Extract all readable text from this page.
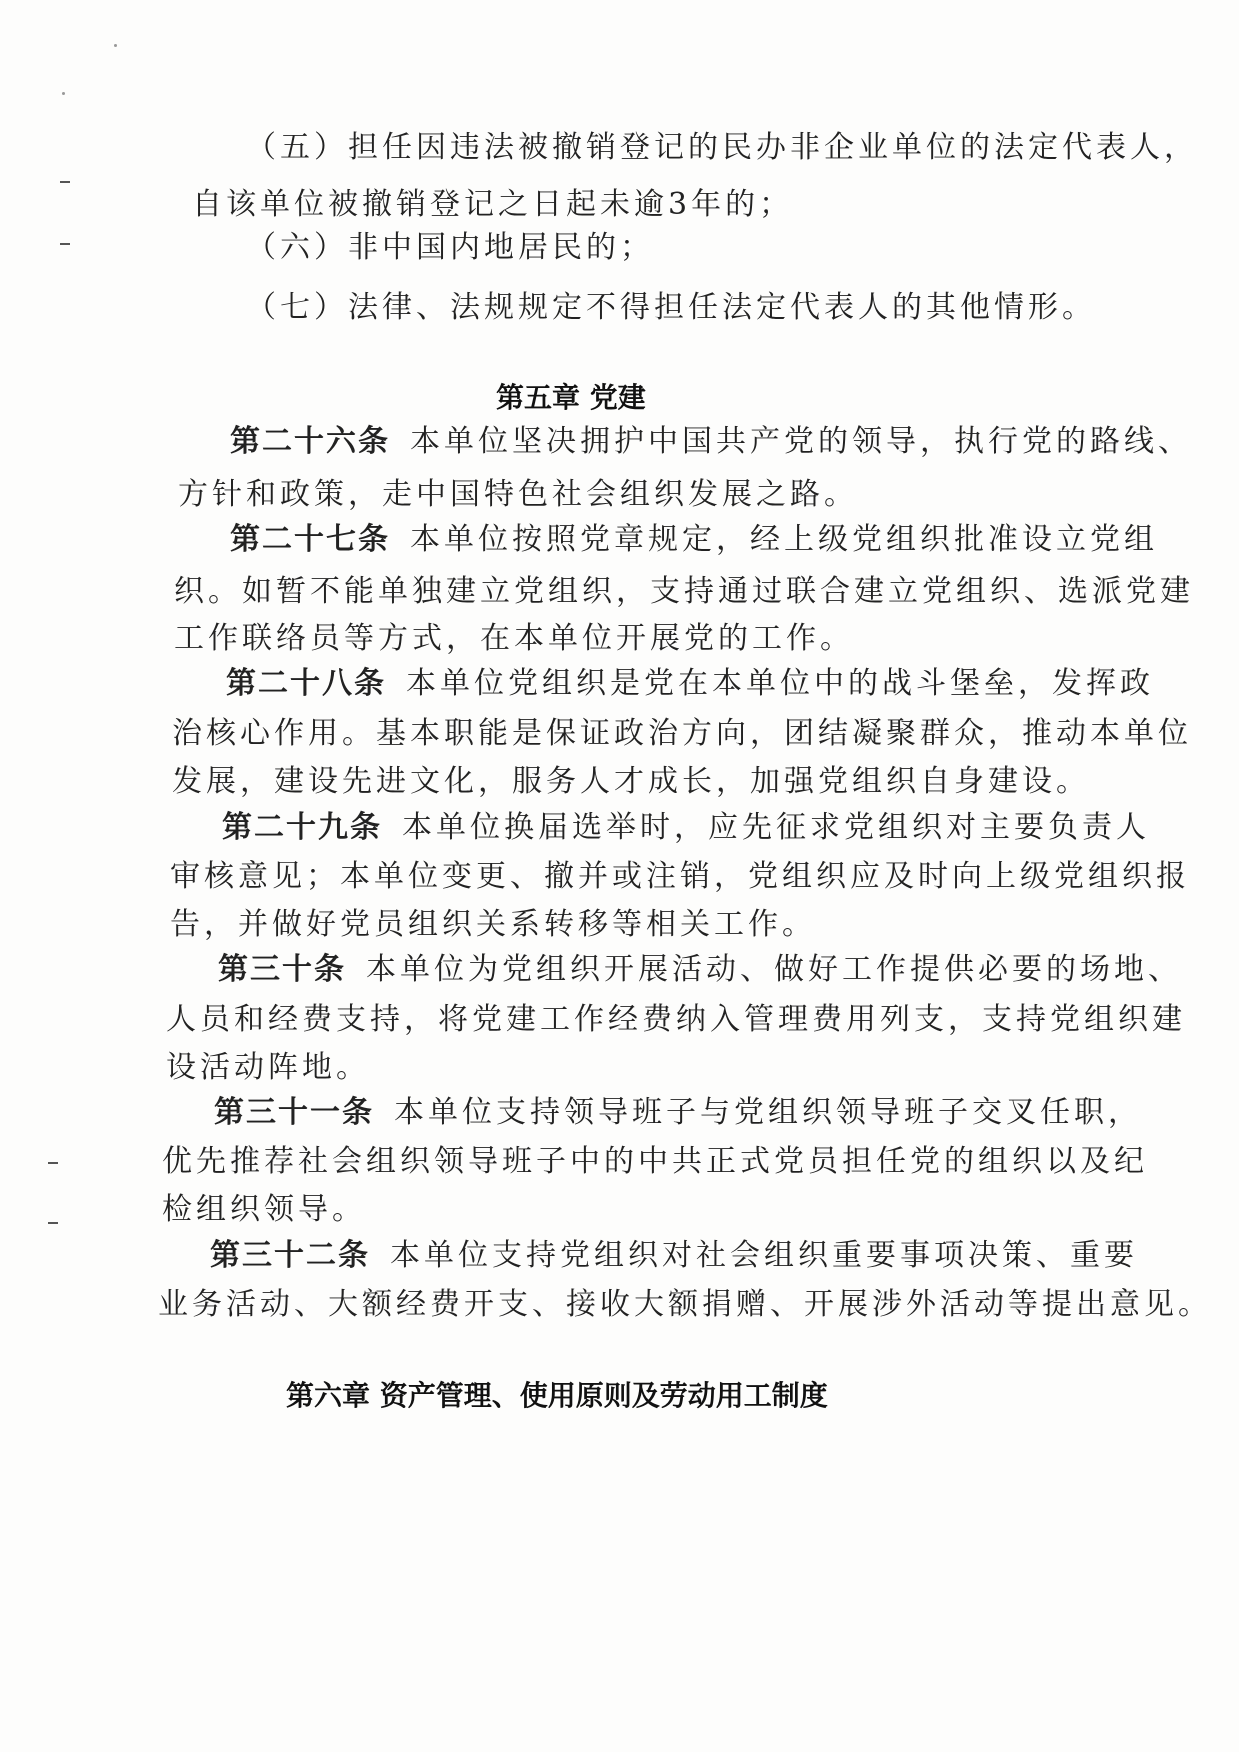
（五）担任因违法被撤销登记的民办非企业单位的法定代表人，
自该单位被撤销登记之日起未逾3年的；
（六）非中国内地居民的；
（七）法律、法规规定不得担任法定代表人的其他情形。
第五章 党建
第二十六条 本单位坚决拥护中国共产党的领导，执行党的路线、
方针和政策，走中国特色社会组织发展之路。
第二十七条 本单位按照党章规定，经上级党组织批准设立党组
织。如暂不能单独建立党组织，支持通过联合建立党组织、选派党建
工作联络员等方式，在本单位开展党的工作。
第二十八条 本单位党组织是党在本单位中的战斗堡垒，发挥政
治核心作用。基本职能是保证政治方向，团结凝聚群众，推动本单位
发展，建设先进文化，服务人才成长，加强党组织自身建设。
第二十九条 本单位换届选举时，应先征求党组织对主要负责人
审核意见；本单位变更、撤并或注销，党组织应及时向上级党组织报
告，并做好党员组织关系转移等相关工作。
第三十条 本单位为党组织开展活动、做好工作提供必要的场地、
人员和经费支持，将党建工作经费纳入管理费用列支，支持党组织建
设活动阵地。
第三十一条 本单位支持领导班子与党组织领导班子交叉任职，
优先推荐社会组织领导班子中的中共正式党员担任党的组织以及纪
检组织领导。
第三十二条 本单位支持党组织对社会组织重要事项决策、重要
业务活动、大额经费开支、接收大额捐赠、开展涉外活动等提出意见。
第六章 资产管理、使用原则及劳动用工制度
